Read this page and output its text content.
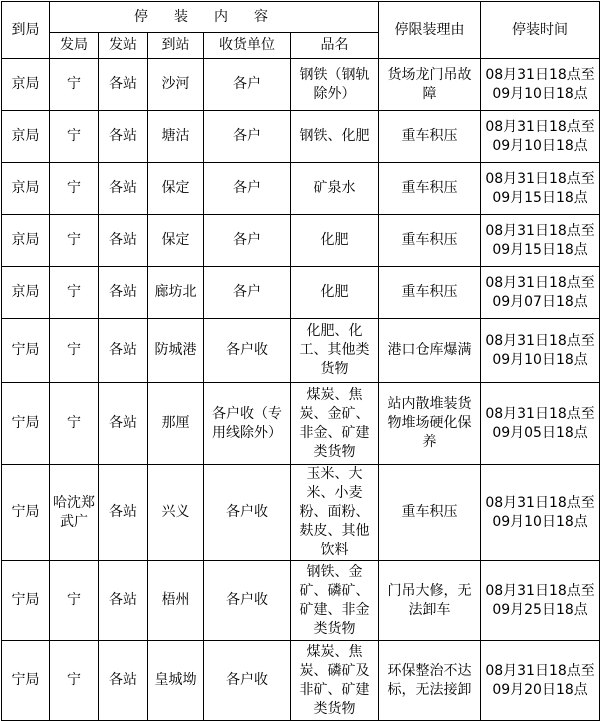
到局	停装内容					停限装理由	停装时间
	发局	发站	到站	收货单位	品名		
京局	宁	各站	沙河	各户	钢铁（钢轨除外）	货场龙门吊故障	08月31日18点至09月10日18点
京局	宁	各站	塘沽	各户	钢铁、化肥	重车积压	08月31日18点至09月10日18点
京局	宁	各站	保定	各户	矿泉水	重车积压	08月31日18点至09月15日18点
京局	宁	各站	保定	各户	化肥	重车积压	08月31日18点至09月15日18点
京局	宁	各站	廊坊北	各户	化肥	重车积压	08月31日18点至09月07日18点
宁局	宁	各站	防城港	各户收	化肥、化工、其他类货物	港口仓库爆满	08月31日18点至09月10日18点
宁局	宁	各站	那厘	各户收（专用线除外）	煤炭、焦炭、金矿、非金、矿建类货物	站内散堆装货物堆场硬化保养	08月31日18点至09月05日18点
宁局	哈沈郑武广	各站	兴义	各户收	玉米、大米、小麦粉、面粉、麸皮、其他饮料	重车积压	08月31日18点至09月10日18点
宁局	宁	各站	梧州	各户收	钢铁、金矿、磷矿、矿建、非金类货物	门吊大修，无法卸车	08月31日18点至09月25日18点
宁局	宁	各站	皇城坳	各户收	煤炭、焦炭、磷矿及非矿、矿建类货物	环保整治不达标，无法接卸	08月31日18点至09月20日18点
